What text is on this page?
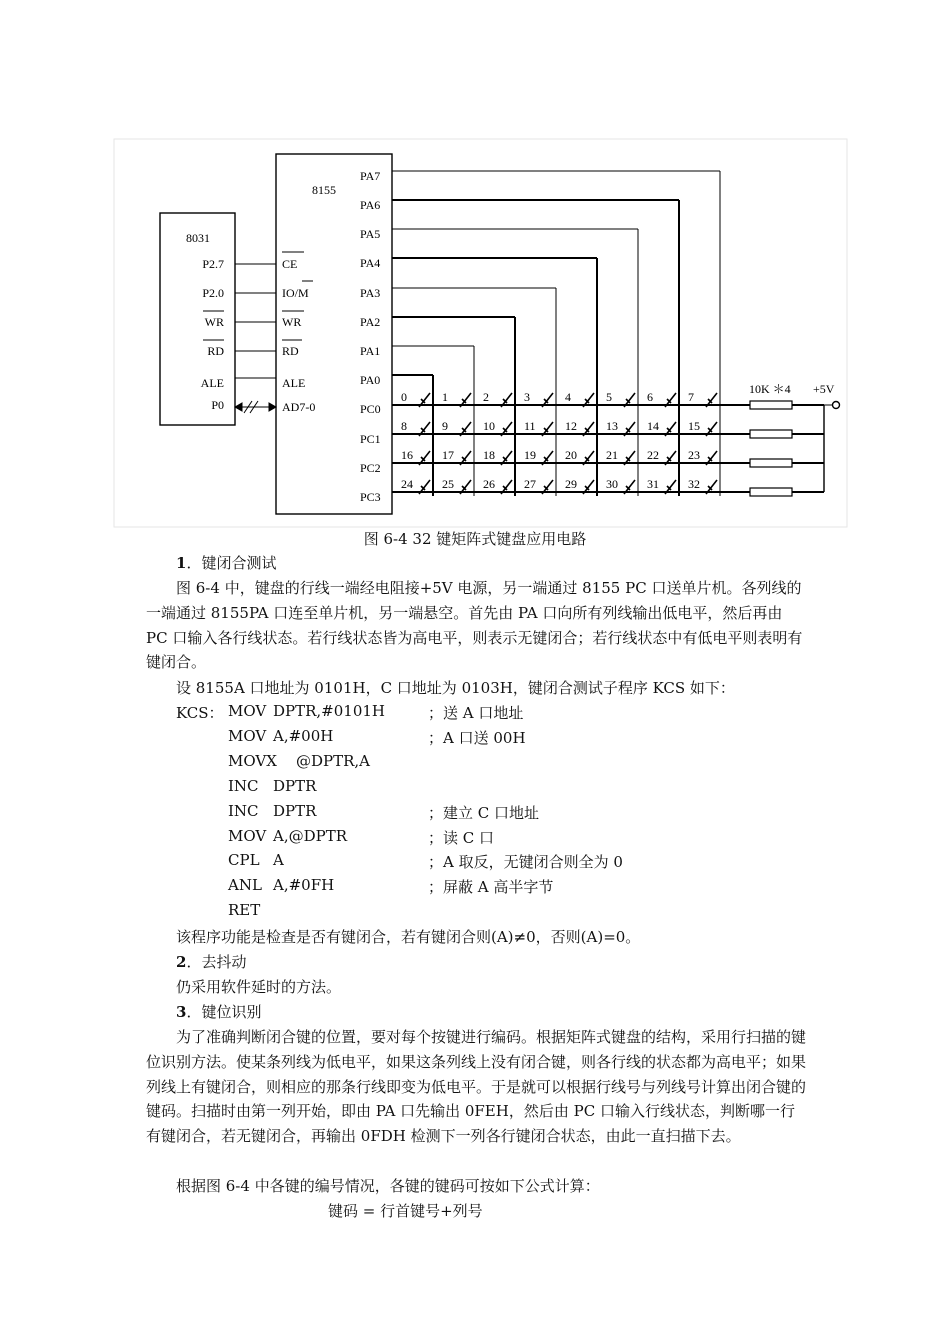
8031
P2.7
P2.0
WR
RD
ALE
P0
8155
CE
IO/M
WR
RD
ALE
AD7-0
PA7
PA6
PA5
PA4
PA3
PA2
PA1
PA0
PC0
PC1
PC2
PC3
10K ＊4 +5V
0	1	2	3	4	5	6	7
8	9	10 11 12 13 14 15
16 17 18 19 20 21 22 23
24 25 26 27 29 30 31 32
图 6-4 32 键矩阵式键盘应用电路
1．键闭合测试

图 6-4 中，键盘的行线一端经电阻接+5V 电源，另一端通过 8155 PC 口送单片机。各列线的一端通过 8155PA 口连至单片机，另一端悬空。首先由 PA 口向所有列线输出低电平，然后再由 PC 口输入各行线状态。若行线状态皆为高电平，则表示无键闭合；若行线状态中有低电平则表明有键闭合。

设 8155A 口地址为 0101H，C 口地址为 0103H，键闭合测试子程序 KCS 如下：
KCS： MOV DPTR,#0101H	；送 A 口地址
MOV A,#00H	；A 口送 00H
MOVX @DPTR,A
INC DPTR
INC DPTR	；建立 C 口地址
MOV A,@DPTR	；读 C 口
CPL A	；A 取反，无键闭合则全为 0
ANL A,#0FH	；屏蔽 A 高半字节
RET
该程序功能是检查是否有键闭合，若有键闭合则(A)≠0，否则(A)=0。
2．去抖动
仍采用软件延时的方法。
3．键位识别

为了准确判断闭合键的位置，要对每个按键进行编码。根据矩阵式键盘的结构，采用行扫描的键位识别方法。使某条列线为低电平，如果这条列线上没有闭合键，则各行线的状态都为高电平；如果列线上有键闭合，则相应的那条行线即变为低电平。于是就可以根据行线号与列线号计算出闭合键的键码。扫描时由第一列开始，即由 PA 口先输出 0FEH，然后由 PC 口输入行线状态，判断哪一行有键闭合，若无键闭合，再输出 0FDH 检测下一列各行键闭合状态，由此一直扫描下去。

根据图 6-4 中各键的编号情况，各键的键码可按如下公式计算：
键码 = 行首键号+列号
